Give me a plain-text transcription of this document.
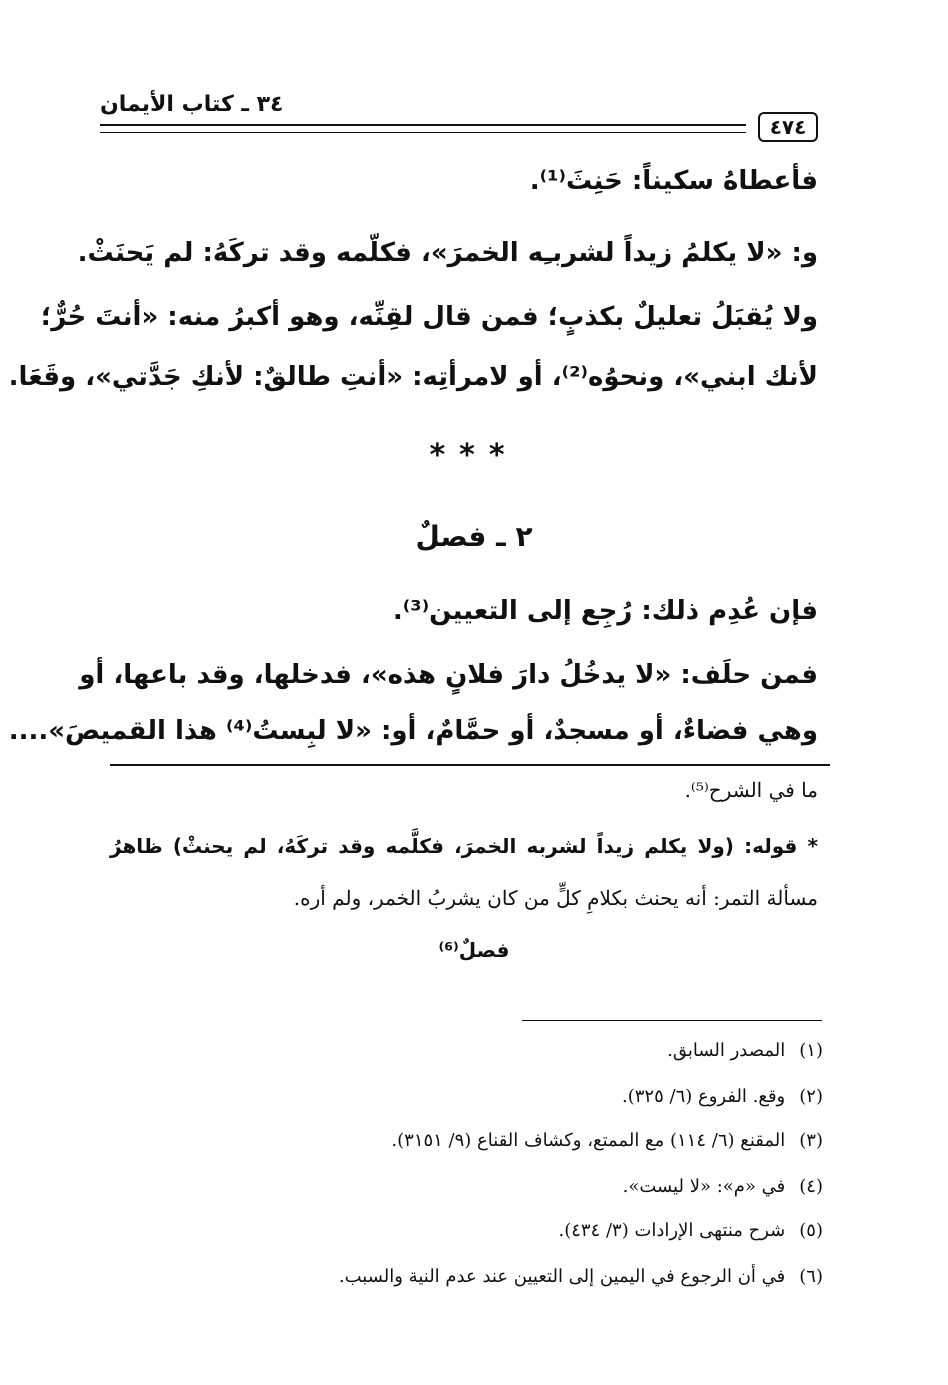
٣٤ ـ كتاب الأيمان
٤٧٤
فأعطاهُ سكيناً: حَنِثَ⁽¹⁾.
و: «لا يكلمُ زيداً لشربـِه الخمرَ»، فكلّمه وقد تركَهُ: لم يَحنَثْ.
ولا يُقبَلُ تعليلٌ بكذبٍ؛ فمن قال لقِنِّه، وهو أكبرُ منه: «أنتَ حُرٌّ؛
لأنك ابني»، ونحوُه⁽²⁾، أو لامرأتِه: «أنتِ طالقٌ: لأنكِ جَدَّتي»، وقَعَا.
***
٢ ـ فصلٌ
فإن عُدِم ذلك: رُجِع إلى التعيين⁽³⁾.
فمن حلَف: «لا يدخُلُ دارَ فلانٍ هذه»، فدخلها، وقد باعها، أو
وهي فضاءٌ، أو مسجدٌ، أو حمَّامٌ، أو: «لا لبِستُ⁽⁴⁾ هذا القميصَ»....
ما في الشرح⁽⁵⁾.
* قوله: (ولا يكلم زيداً لشربه الخمرَ، فكلَّمه وقد تركَهُ، لم يحنثْ) ظاهرُ
مسألة التمر: أنه يحنث بكلامِ كلٍّ من كان يشربُ الخمر، ولم أره.
فصلٌ⁽⁶⁾
(١)المصدر السابق.
(٢)وقع. الفروع (٦/ ٣٢٥).
(٣)المقنع (٦/ ١١٤) مع الممتع، وكشاف القناع (٩/ ٣١٥١).
(٤)في «م»: «لا ليست».
(٥)شرح منتهى الإرادات (٣/ ٤٣٤).
(٦)في أن الرجوع في اليمين إلى التعيين عند عدم النية والسبب.
